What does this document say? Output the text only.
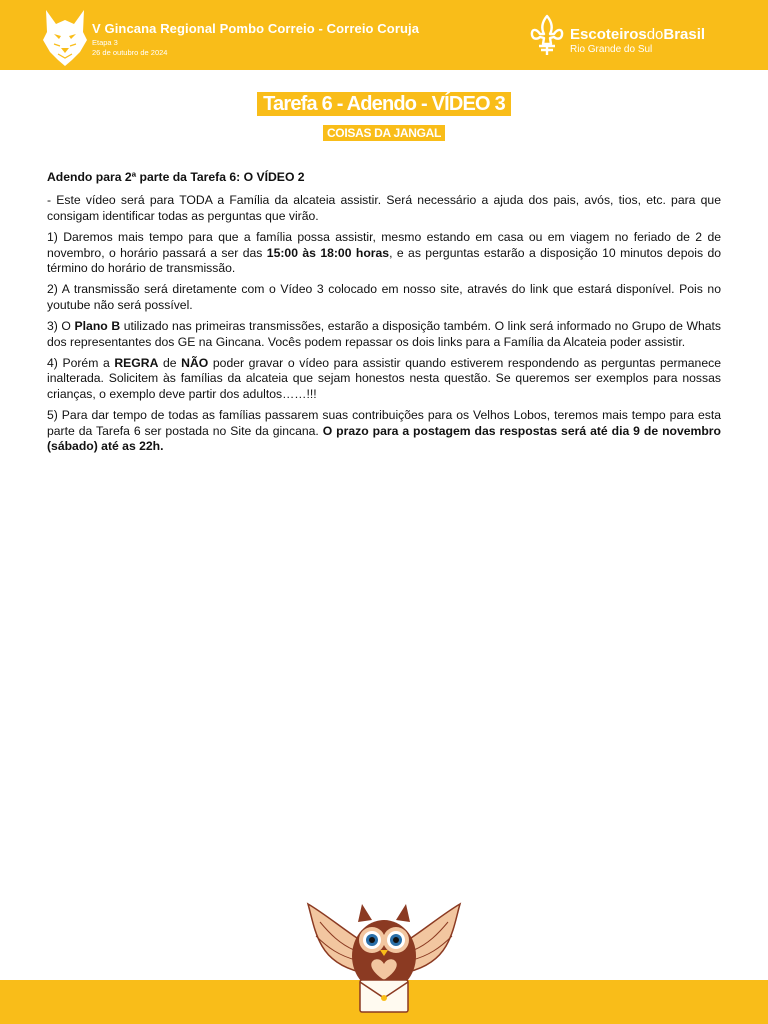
V Gincana Regional Pombo Correio - Correio Coruja
Etapa 3
26 de outubro de 2024
EscoteirosdoBrasil
Rio Grande do Sul
Tarefa 6 - Adendo - VÍDEO 3
COISAS DA JANGAL

Adendo para 2ª parte da Tarefa 6: O VÍDEO 2

- Este vídeo será para TODA a Família da alcateia assistir. Será necessário a ajuda dos pais, avós, tios, etc. para que consigam identificar todas as perguntas que virão.

1) Daremos mais tempo para que a família possa assistir, mesmo estando em casa ou em viagem no feriado de 2 de novembro, o horário passará a ser das 15:00 às 18:00 horas, e as perguntas estarão a disposição 10 minutos depois do término do horário de transmissão.

2) A transmissão será diretamente com o Vídeo 3 colocado em nosso site, através do link que estará disponível. Pois no youtube não será possível.

3) O Plano B utilizado nas primeiras transmissões, estarão a disposição também. O link será informado no Grupo de Whats dos representantes dos GE na Gincana. Vocês podem repassar os dois links para a Família da Alcateia poder assistir.

4) Porém a REGRA de NÃO poder gravar o vídeo para assistir quando estiverem respondendo as perguntas permanece inalterada. Solicitem às famílias da alcateia que sejam honestos nesta questão. Se queremos ser exemplos para nossas crianças, o exemplo deve partir dos adultos……!!!

5) Para dar tempo de todas as famílias passarem suas contribuições para os Velhos Lobos, teremos mais tempo para esta parte da Tarefa 6 ser postada no Site da gincana. O prazo para a postagem das respostas será até dia 9 de novembro (sábado) até as 22h.
